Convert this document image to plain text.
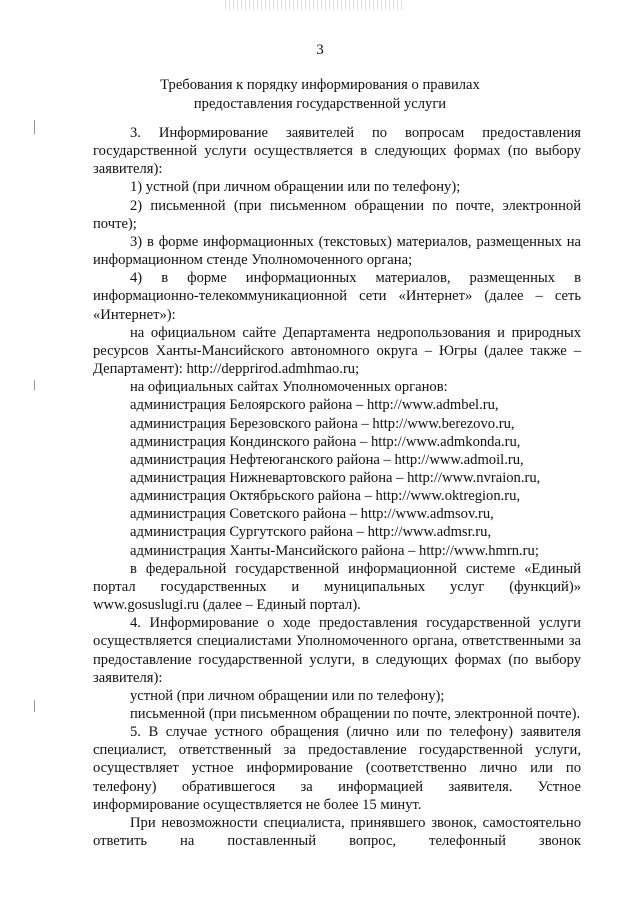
3
Требования к порядку информирования о правилах
предоставления государственной услуги

3. Информирование заявителей по вопросам предоставления государственной услуги осуществляется в следующих формах (по выбору заявителя):

1) устной (при личном обращении или по телефону);

2) письменной (при письменном обращении по почте, электронной почте);

3) в форме информационных (текстовых) материалов, размещенных на информационном стенде Уполномоченного органа;

4) в форме информационных материалов, размещенных в информационно-телекоммуникационной сети «Интернет» (далее – сеть «Интернет»):

на официальном сайте Департамента недропользования и природных ресурсов Ханты-Мансийского автономного округа – Югры (далее также – Департамент): http://depprirod.admhmao.ru;

на официальных сайтах Уполномоченных органов:

администрация Белоярского района – http://www.admbel.ru,

администрация Березовского района – http://www.berezovo.ru,

администрация Кондинского района – http://www.admkonda.ru,

администрация Нефтеюганского района – http://www.admoil.ru,

администрация Нижневартовского района – http://www.nvraion.ru,

администрация Октябрьского района – http://www.oktregion.ru,

администрация Советского района – http://www.admsov.ru,

администрация Сургутского района – http://www.admsr.ru,

администрация Ханты-Мансийского района – http://www.hmrn.ru;

в федеральной государственной информационной системе «Единый портал государственных и муниципальных услуг (функций)» www.gosuslugi.ru (далее – Единый портал).

4. Информирование о ходе предоставления государственной услуги осуществляется специалистами Уполномоченного органа, ответственными за предоставление государственной услуги, в следующих формах (по выбору заявителя):

устной (при личном обращении или по телефону);

письменной (при письменном обращении по почте, электронной почте).

5. В случае устного обращения (лично или по телефону) заявителя специалист, ответственный за предоставление государственной услуги, осуществляет устное информирование (соответственно лично или по телефону) обратившегося за информацией заявителя. Устное информирование осуществляется не более 15 минут.

При невозможности специалиста, принявшего звонок, самостоятельно ответить на поставленный вопрос, телефонный звонок
